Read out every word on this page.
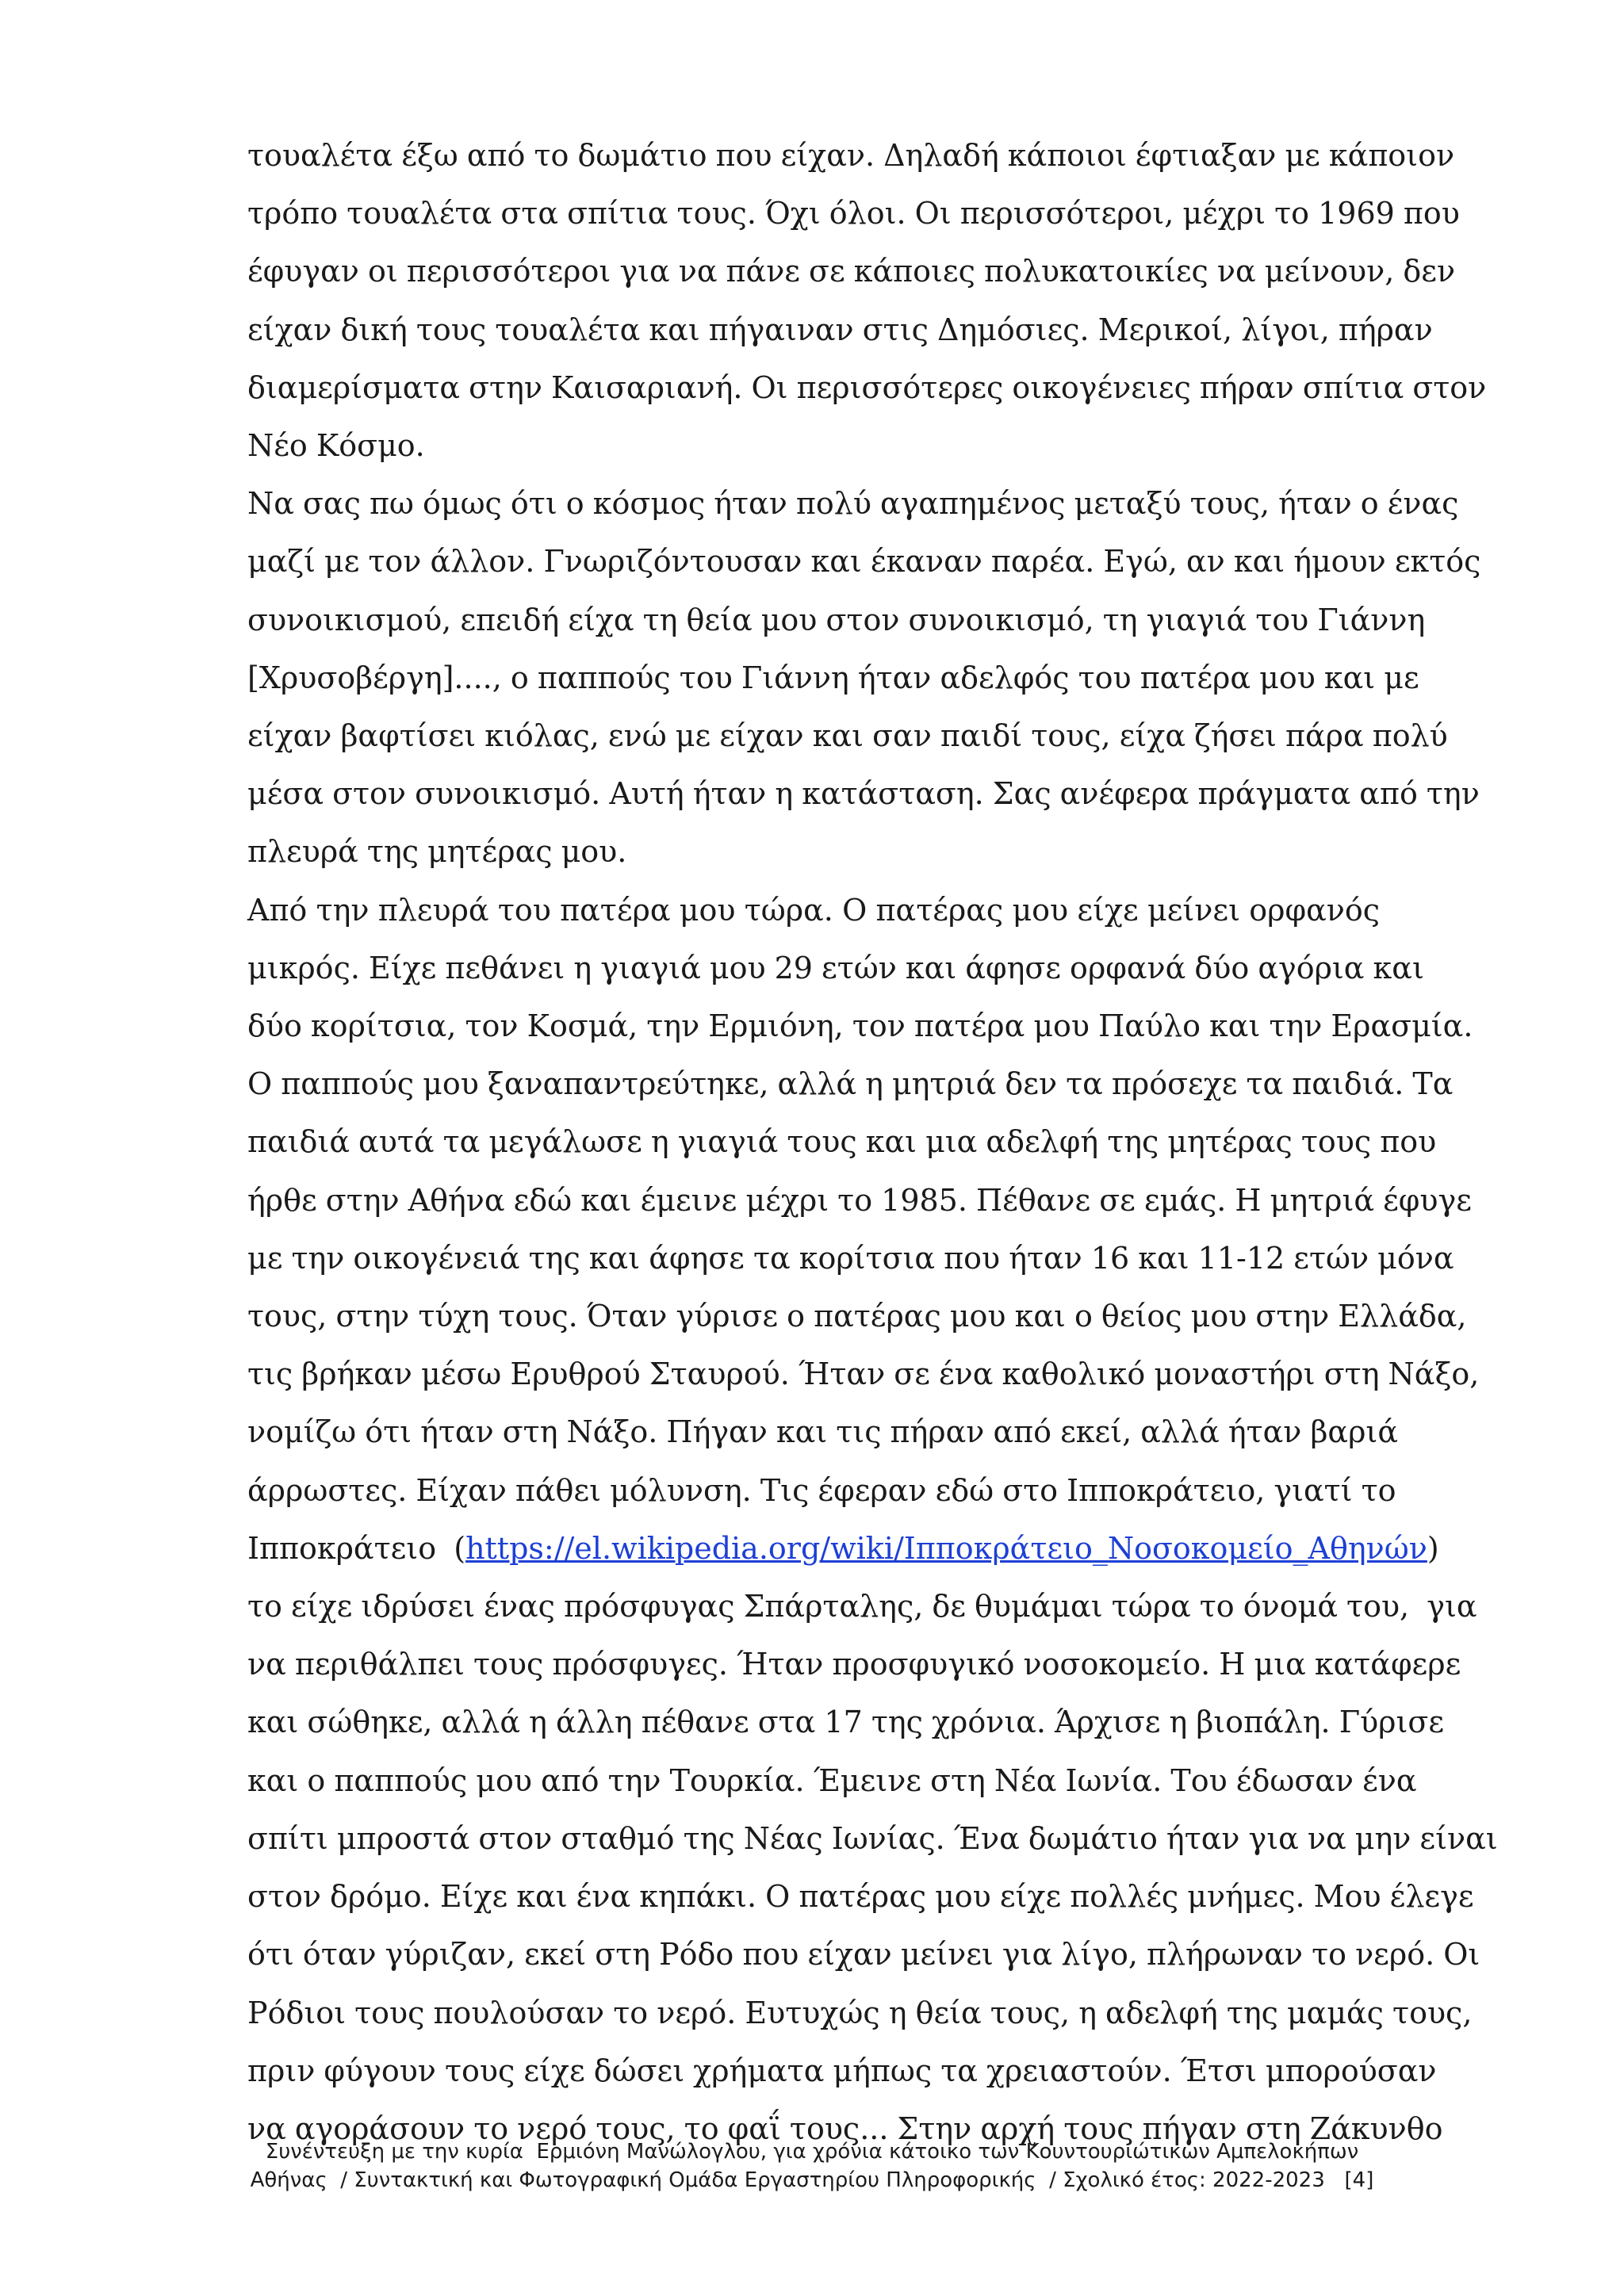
τουαλέτα έξω από το δωμάτιο που είχαν. Δηλαδή κάποιοι έφτιαξαν με κάποιον
τρόπο τουαλέτα στα σπίτια τους. Όχι όλοι. Οι περισσότεροι, μέχρι το 1969 που
έφυγαν οι περισσότεροι για να πάνε σε κάποιες πολυκατοικίες να μείνουν, δεν
είχαν δική τους τουαλέτα και πήγαιναν στις Δημόσιες. Μερικοί, λίγοι, πήραν
διαμερίσματα στην Καισαριανή. Οι περισσότερες οικογένειες πήραν σπίτια στον
Νέο Κόσμο.

Να σας πω όμως ότι ο κόσμος ήταν πολύ αγαπημένος μεταξύ τους, ήταν ο ένας
μαζί με τον άλλον. Γνωριζόντουσαν και έκαναν παρέα. Εγώ, αν και ήμουν εκτός
συνοικισμού, επειδή είχα τη θεία μου στον συνοικισμό, τη γιαγιά του Γιάννη
[Χρυσοβέργη]...., ο παππούς του Γιάννη ήταν αδελφός του πατέρα μου και με
είχαν βαφτίσει κιόλας, ενώ με είχαν και σαν παιδί τους, είχα ζήσει πάρα πολύ
μέσα στον συνοικισμό. Αυτή ήταν η κατάσταση. Σας ανέφερα πράγματα από την
πλευρά της μητέρας μου.

Από την πλευρά του πατέρα μου τώρα. Ο πατέρας μου είχε μείνει ορφανός
μικρός. Είχε πεθάνει η γιαγιά μου 29 ετών και άφησε ορφανά δύο αγόρια και
δύο κορίτσια, τον Κοσμά, την Ερμιόνη, τον πατέρα μου Παύλο και την Ερασμία.
Ο παππούς μου ξαναπαντρεύτηκε, αλλά η μητριά δεν τα πρόσεχε τα παιδιά. Τα
παιδιά αυτά τα μεγάλωσε η γιαγιά τους και μια αδελφή της μητέρας τους που
ήρθε στην Αθήνα εδώ και έμεινε μέχρι το 1985. Πέθανε σε εμάς. Η μητριά έφυγε
με την οικογένειά της και άφησε τα κορίτσια που ήταν 16 και 11-12 ετών μόνα
τους, στην τύχη τους. Όταν γύρισε ο πατέρας μου και ο θείος μου στην Ελλάδα,
τις βρήκαν μέσω Ερυθρού Σταυρού. Ήταν σε ένα καθολικό μοναστήρι στη Νάξο,
νομίζω ότι ήταν στη Νάξο. Πήγαν και τις πήραν από εκεί, αλλά ήταν βαριά
άρρωστες. Είχαν πάθει μόλυνση. Τις έφεραν εδώ στο Ιπποκράτειο, γιατί το
Ιπποκράτειο  (https://el.wikipedia.org/wiki/Ιπποκράτειο_Νοσοκομείο_Αθηνών)
το είχε ιδρύσει ένας πρόσφυγας Σπάρταλης, δε θυμάμαι τώρα το όνομά του,  για
να περιθάλπει τους πρόσφυγες. Ήταν προσφυγικό νοσοκομείο. Η μια κατάφερε
και σώθηκε, αλλά η άλλη πέθανε στα 17 της χρόνια. Άρχισε η βιοπάλη. Γύρισε
και ο παππούς μου από την Τουρκία. Έμεινε στη Νέα Ιωνία. Του έδωσαν ένα
σπίτι μπροστά στον σταθμό της Νέας Ιωνίας. Ένα δωμάτιο ήταν για να μην είναι
στον δρόμο. Είχε και ένα κηπάκι. Ο πατέρας μου είχε πολλές μνήμες. Μου έλεγε
ότι όταν γύριζαν, εκεί στη Ρόδο που είχαν μείνει για λίγο, πλήρωναν το νερό. Οι
Ρόδιοι τους πουλούσαν το νερό. Ευτυχώς η θεία τους, η αδελφή της μαμάς τους,
πριν φύγουν τους είχε δώσει χρήματα μήπως τα χρειαστούν. Έτσι μπορούσαν
να αγοράσουν το νερό τους, το φαΐ τους... Στην αρχή τους πήγαν στη Ζάκυνθο

Συνέντευξη με την κυρία  Ερμιόνη Μανώλογλου, για χρόνια κάτοικο των Κουντουριώτικων Αμπελοκήπων
Αθήνας  / Συντακτική και Φωτογραφική Ομάδα Εργαστηρίου Πληροφορικής  / Σχολικό έτος: 2022-2023   [4]
